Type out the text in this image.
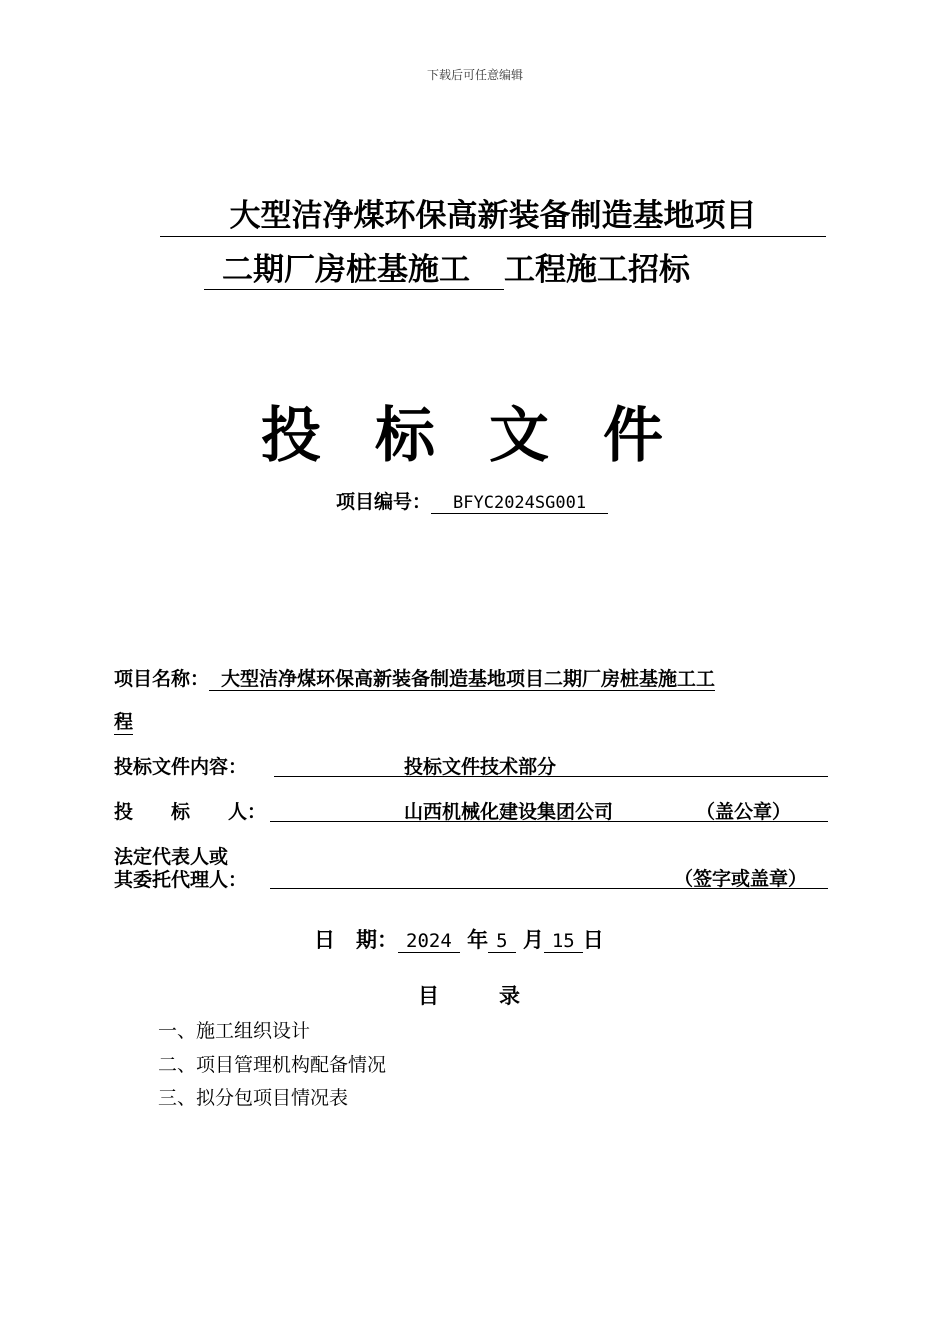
下载后可任意编辑
大型洁净煤环保高新装备制造基地项目
二期厂房桩基施工 工程施工招标
投标文件
项目编号： BFYC2024SG001
项目名称： 大型洁净煤环保高新装备制造基地项目二期厂房桩基施工工
程
投标文件内容：	投标文件技术部分
投　　标　　人：	山西机械化建设集团公司	（盖公章）
法定代表人或
其委托代理人：	（签字或盖章）
日　期： 2024 年 5 月 15 日
目录
一、施工组织设计
二、项目管理机构配备情况
三、拟分包项目情况表
